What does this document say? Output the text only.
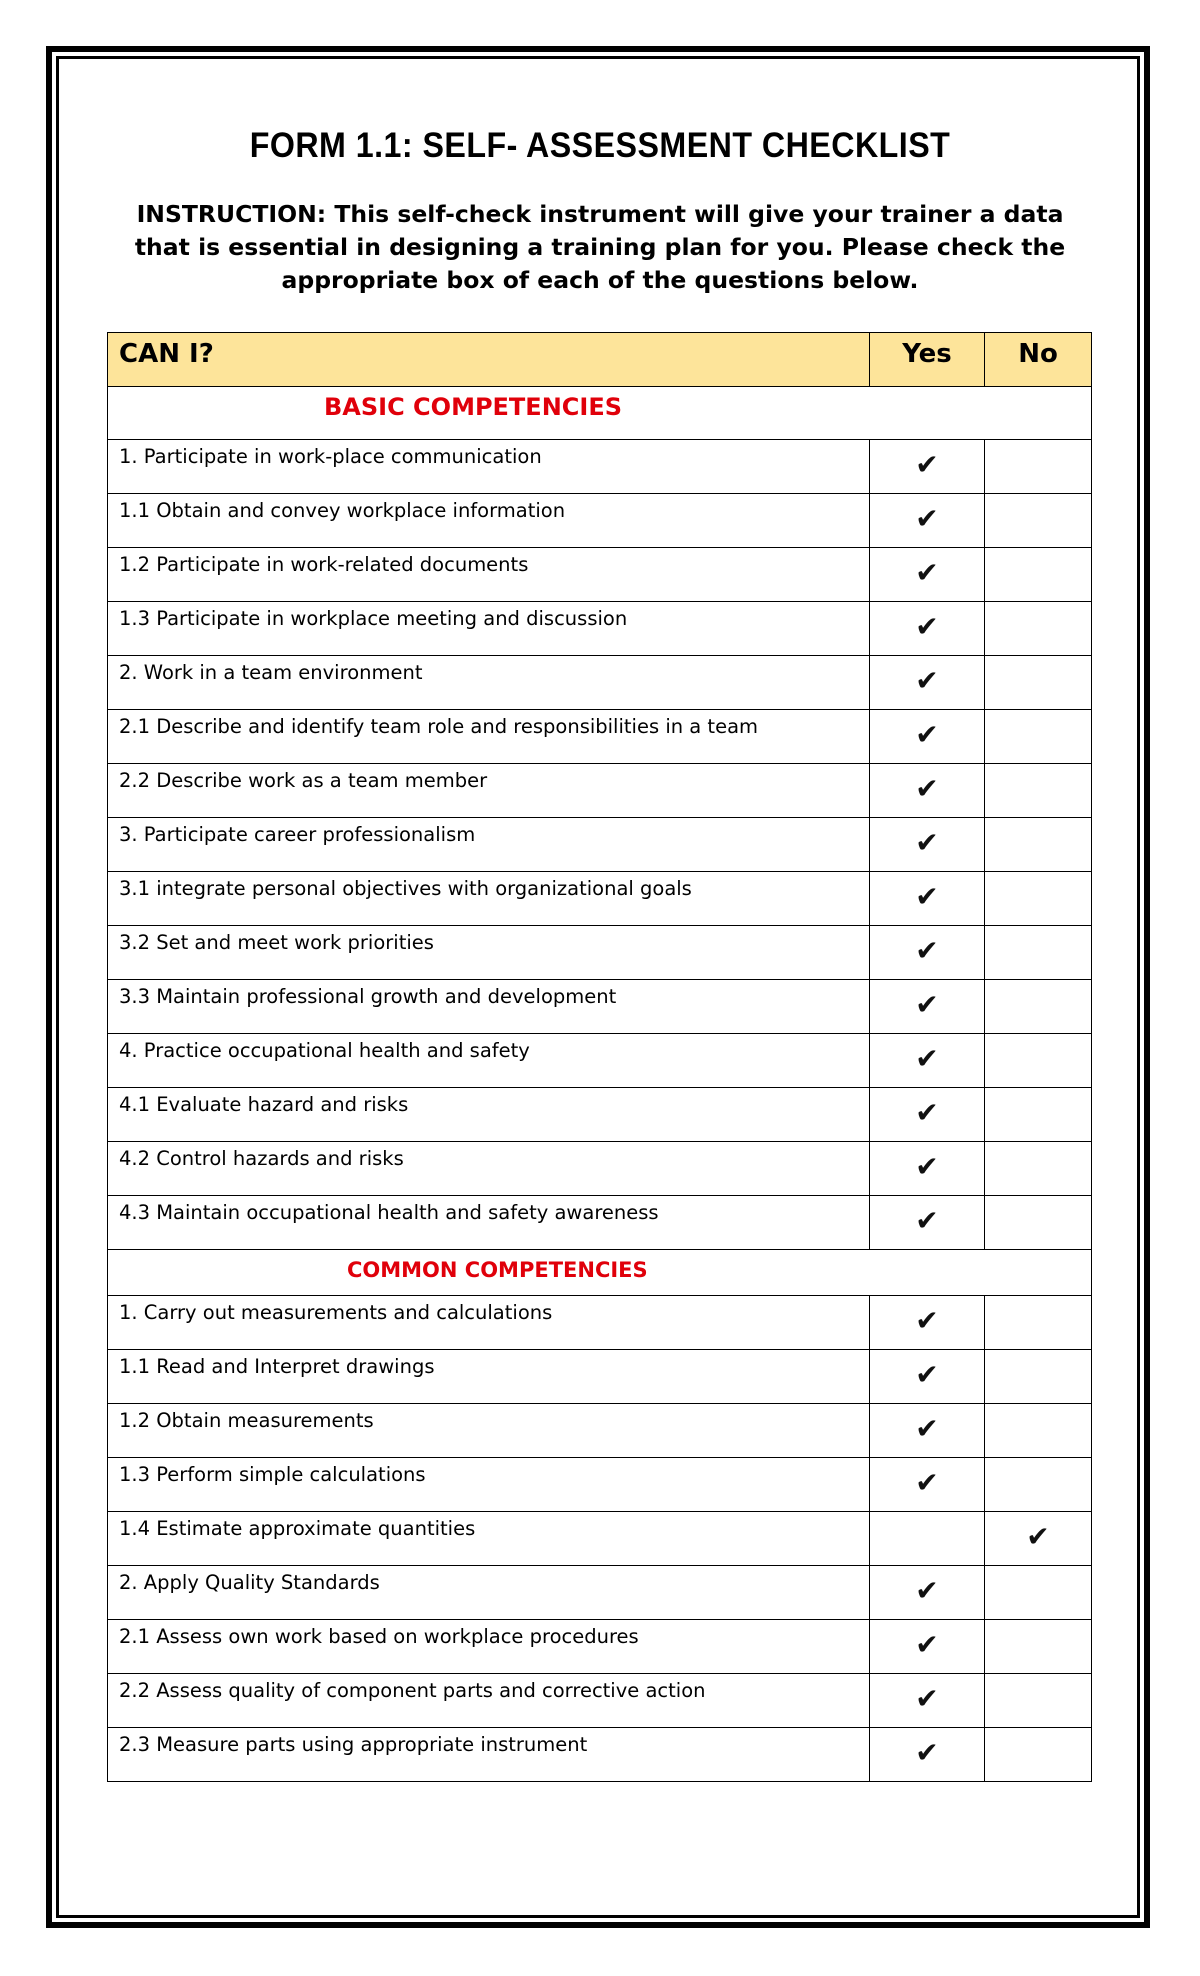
FORM 1.1: SELF- ASSESSMENT CHECKLIST
INSTRUCTION: This self-check instrument will give your trainer a data that is essential in designing a training plan for you. Please check the appropriate box of each of the questions below.
CAN I?	Yes	No

BASIC COMPETENCIES		

1. Participate in work-place communication	✔	
1.1 Obtain and convey workplace information	✔	
1.2 Participate in work-related documents	✔	
1.3 Participate in workplace meeting and discussion	✔	
2. Work in a team environment	✔	
2.1 Describe and identify team role and responsibilities in a team	✔	
2.2 Describe work as a team member	✔	
3. Participate career professionalism	✔	
3.1 integrate personal objectives with organizational goals	✔	
3.2 Set and meet work priorities	✔	
3.3 Maintain professional growth and development	✔	
4. Practice occupational health and safety	✔	
4.1 Evaluate hazard and risks	✔	
4.2 Control hazards and risks	✔	
4.3 Maintain occupational health and safety awareness	✔	

COMMON COMPETENCIES		

1. Carry out measurements and calculations	✔	
1.1 Read and Interpret drawings	✔	
1.2 Obtain measurements	✔	
1.3 Perform simple calculations	✔	
1.4 Estimate approximate quantities		✔
2. Apply Quality Standards	✔	
2.1 Assess own work based on workplace procedures	✔	
2.2 Assess quality of component parts and corrective action	✔	
2.3 Measure parts using appropriate instrument	✔	
